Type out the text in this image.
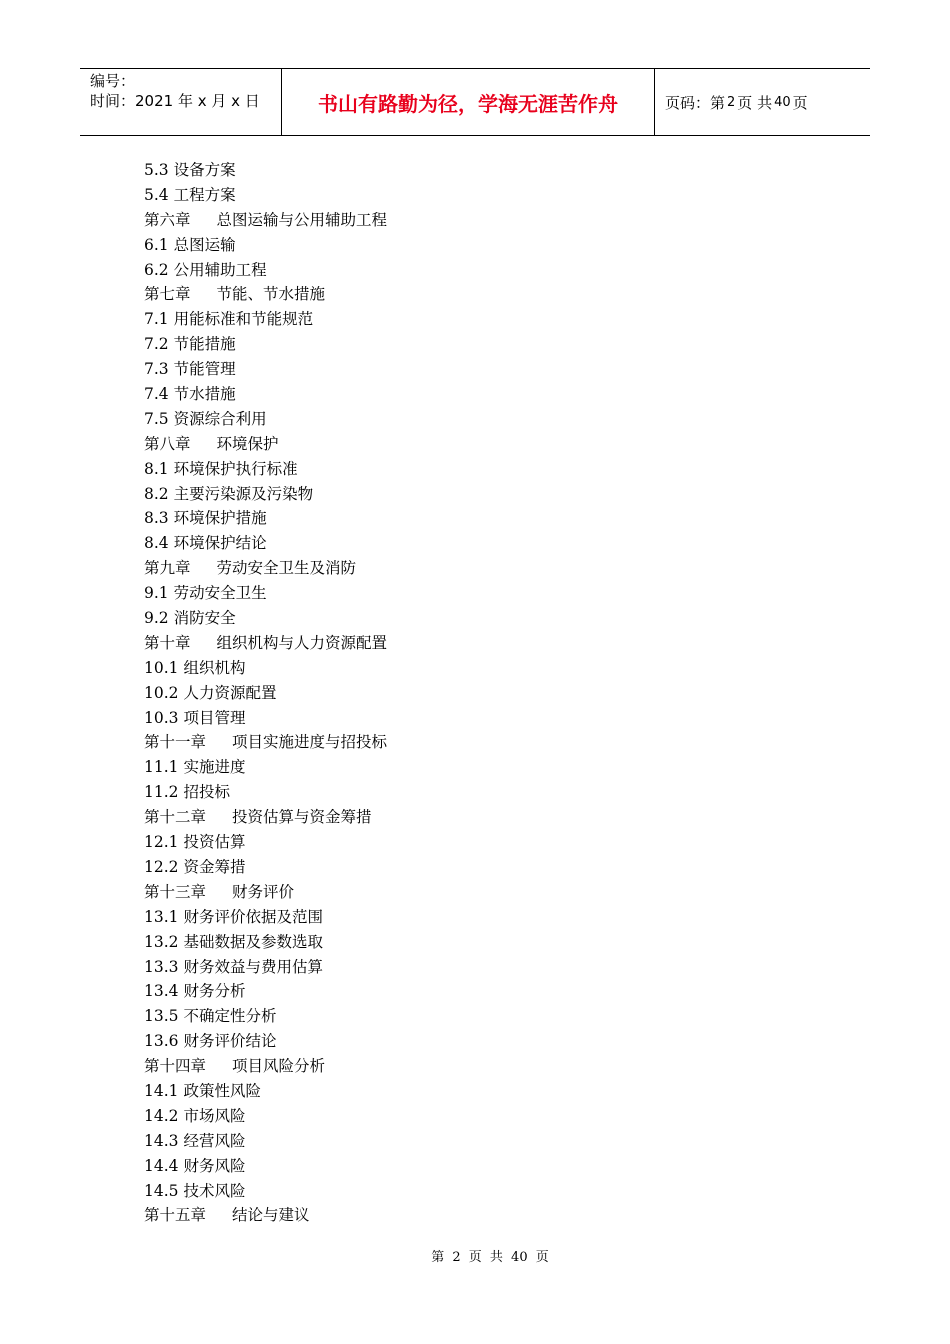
编号：
时间：2021 年 x 月 x 日	书山有路勤为径，学海无涯苦作舟	页码：第 2 页 共 40 页
5.3 设备方案
5.4 工程方案
第六章 总图运输与公用辅助工程
6.1 总图运输
6.2 公用辅助工程
第七章 节能、节水措施
7.1 用能标准和节能规范
7.2 节能措施
7.3 节能管理
7.4 节水措施
7.5 资源综合利用
第八章 环境保护
8.1 环境保护执行标准
8.2 主要污染源及污染物
8.3 环境保护措施
8.4 环境保护结论
第九章 劳动安全卫生及消防
9.1 劳动安全卫生
9.2 消防安全
第十章 组织机构与人力资源配置
10.1 组织机构
10.2 人力资源配置
10.3 项目管理
第十一章 项目实施进度与招投标
11.1 实施进度
11.2 招投标
第十二章 投资估算与资金筹措
12.1 投资估算
12.2 资金筹措
第十三章 财务评价
13.1 财务评价依据及范围
13.2 基础数据及参数选取
13.3 财务效益与费用估算
13.4 财务分析
13.5 不确定性分析
13.6 财务评价结论
第十四章 项目风险分析
14.1 政策性风险
14.2 市场风险
14.3 经营风险
14.4 财务风险
14.5 技术风险
第十五章 结论与建议
第 2 页 共 40 页
